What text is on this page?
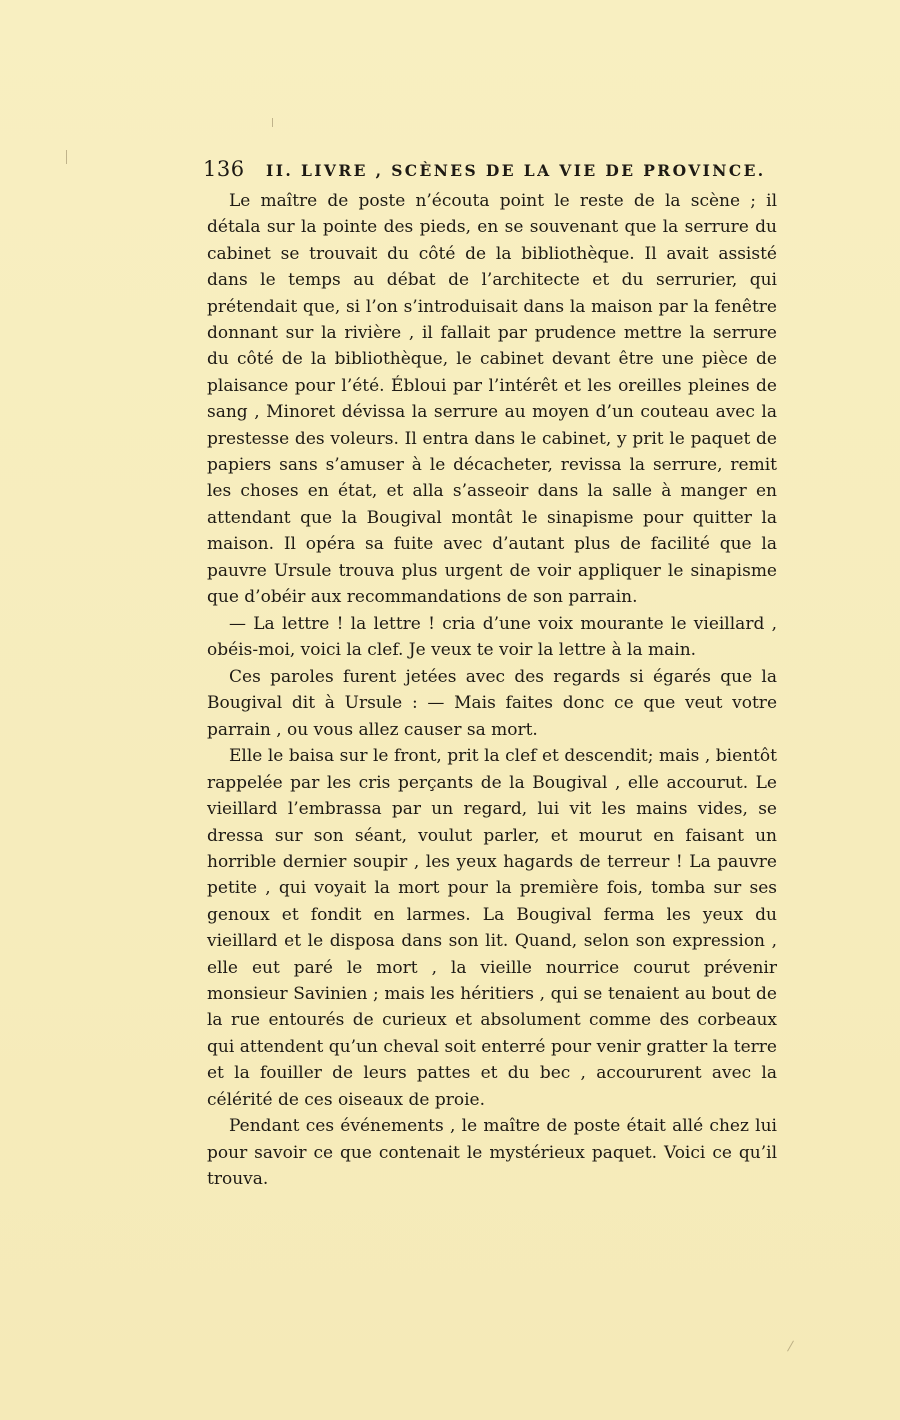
136 II. LIVRE , SCÈNES DE LA VIE DE PROVINCE.

Le maître de poste n’écouta point le reste de la scène ; il détala sur la pointe des pieds, en se souvenant que la serrure du cabinet se trouvait du côté de la bibliothèque. Il avait assisté dans le temps au débat de l’architecte et du serrurier, qui prétendait que, si l’on s’introduisait dans la maison par la fenêtre donnant sur la rivière , il fallait par prudence mettre la serrure du côté de la bibliothèque, le cabinet devant être une pièce de plaisance pour l’été. Ébloui par l’intérêt et les oreilles pleines de sang , Minoret dévissa la serrure au moyen d’un couteau avec la prestesse des voleurs. Il entra dans le cabinet, y prit le paquet de papiers sans s’amuser à le décacheter, revissa la serrure, remit les choses en état, et alla s’asseoir dans la salle à manger en attendant que la Bougival montât le sinapisme pour quitter la maison. Il opéra sa fuite avec d’autant plus de facilité que la pauvre Ursule trouva plus urgent de voir appliquer le sinapisme que d’obéir aux recommandations de son parrain.

— La lettre ! la lettre ! cria d’une voix mourante le vieillard , obéis-moi, voici la clef. Je veux te voir la lettre à la main.

Ces paroles furent jetées avec des regards si égarés que la Bougival dit à Ursule : — Mais faites donc ce que veut votre parrain , ou vous allez causer sa mort.

Elle le baisa sur le front, prit la clef et descendit; mais , bientôt rappelée par les cris perçants de la Bougival , elle accourut. Le vieillard l’embrassa par un regard, lui vit les mains vides, se dressa sur son séant, voulut parler, et mourut en faisant un horrible dernier soupir , les yeux hagards de terreur ! La pauvre petite , qui voyait la mort pour la première fois, tomba sur ses genoux et fondit en larmes. La Bougival ferma les yeux du vieillard et le disposa dans son lit. Quand, selon son expression , elle eut paré le mort , la vieille nourrice courut prévenir monsieur Savinien ; mais les héritiers , qui se tenaient au bout de la rue entourés de curieux et absolument comme des corbeaux qui attendent qu’un cheval soit enterré pour venir gratter la terre et la fouiller de leurs pattes et du bec , accoururent avec la célérité de ces oiseaux de proie.

Pendant ces événements , le maître de poste était allé chez lui pour savoir ce que contenait le mystérieux paquet. Voici ce qu’il trouva.
